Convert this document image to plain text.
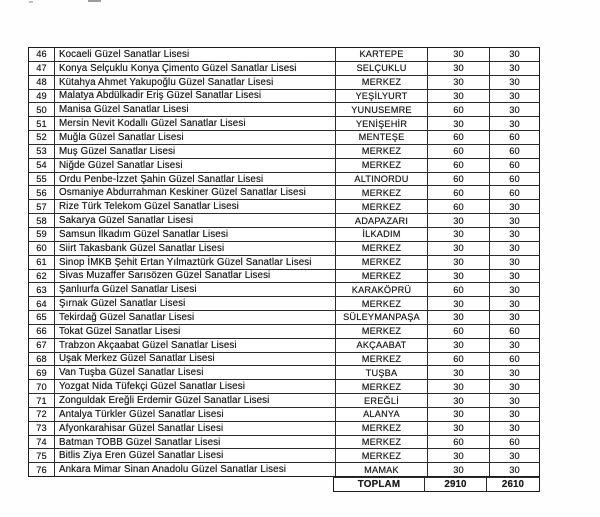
46	Kocaeli Güzel Sanatlar Lisesi	KARTEPE	30	30
47	Konya Selçuklu Konya Çimento Güzel Sanatlar Lisesi	SELÇUKLU	30	30
48	Kütahya Ahmet Yakupoğlu Güzel Sanatlar Lisesi	MERKEZ	30	30
49	Malatya Abdülkadir Eriş Güzel Sanatlar Lisesi	YEŞİLYURT	30	30
50	Manisa Güzel Sanatlar Lisesi	YUNUSEMRE	60	30
51	Mersin Nevit Kodallı Güzel Sanatlar Lisesi	YENİŞEHİR	30	30
52	Muğla Güzel Sanatlar Lisesi	MENTEŞE	60	60
53	Muş Güzel Sanatlar Lisesi	MERKEZ	60	60
54	Niğde Güzel Sanatlar Lisesi	MERKEZ	60	60
55	Ordu Penbe-İzzet Şahin Güzel Sanatlar Lisesi	ALTINORDU	60	60
56	Osmaniye Abdurrahman Keskiner Güzel Sanatlar Lisesi	MERKEZ	60	60
57	Rize Türk Telekom Güzel Sanatlar Lisesi	MERKEZ	60	30
58	Sakarya Güzel Sanatlar Lisesi	ADAPAZARI	30	30
59	Samsun İlkadım Güzel Sanatlar Lisesi	İLKADIM	30	30
60	Siirt Takasbank Güzel Sanatlar Lisesi	MERKEZ	30	30
61	Sinop İMKB Şehit Ertan Yılmaztürk Güzel Sanatlar Lisesi	MERKEZ	30	30
62	Sivas Muzaffer Sarısözen Güzel Sanatlar Lisesi	MERKEZ	30	30
63	Şanlıurfa Güzel Sanatlar Lisesi	KARAKÖPRÜ	60	30
64	Şırnak Güzel Sanatlar Lisesi	MERKEZ	30	30
65	Tekirdağ Güzel Sanatlar Lisesi	SÜLEYMANPAŞA	30	30
66	Tokat Güzel Sanatlar Lisesi	MERKEZ	60	60
67	Trabzon Akçaabat Güzel Sanatlar Lisesi	AKÇAABAT	30	30
68	Uşak Merkez Güzel Sanatlar Lisesi	MERKEZ	60	60
69	Van Tuşba Güzel Sanatlar Lisesi	TUŞBA	30	30
70	Yozgat Nida Tüfekçi Güzel Sanatlar Lisesi	MERKEZ	30	30
71	Zonguldak Ereğli Erdemir Güzel Sanatlar Lisesi	EREĞLİ	30	30
72	Antalya Türkler Güzel Sanatlar Lisesi	ALANYA	30	30
73	Afyonkarahisar Güzel Sanatlar Lisesi	MERKEZ	30	30
74	Batman TOBB Güzel Sanatlar Lisesi	MERKEZ	60	60
75	Bitlis Ziya Eren Güzel Sanatlar Lisesi	MERKEZ	30	30
76	Ankara Mimar Sinan Anadolu Güzel Sanatlar Lisesi	MAMAK	30	30
TOPLAM	2910	2610
